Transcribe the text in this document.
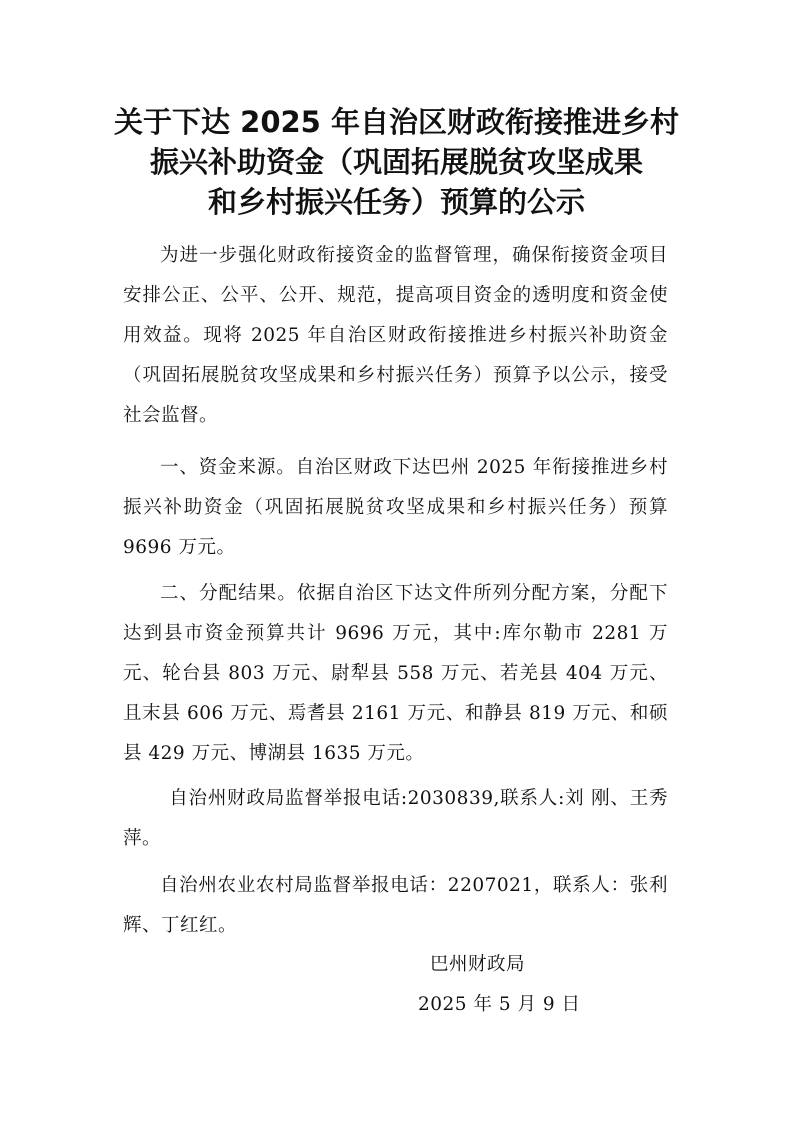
关于下达 2025 年自治区财政衔接推进乡村
振兴补助资金（巩固拓展脱贫攻坚成果
和乡村振兴任务）预算的公示

为进一步强化财政衔接资金的监督管理，确保衔接资金项目安排公正、公平、公开、规范，提高项目资金的透明度和资金使用效益。现将 2025 年自治区财政衔接推进乡村振兴补助资金（巩固拓展脱贫攻坚成果和乡村振兴任务）预算予以公示，接受社会监督。

一、资金来源。自治区财政下达巴州 2025 年衔接推进乡村振兴补助资金（巩固拓展脱贫攻坚成果和乡村振兴任务）预算 9696 万元。

二、分配结果。依据自治区下达文件所列分配方案，分配下达到县市资金预算共计 9696 万元，其中:库尔勒市 2281 万元、轮台县 803 万元、尉犁县 558 万元、若羌县 404 万元、且末县 606 万元、焉耆县 2161 万元、和静县 819 万元、和硕县 429 万元、博湖县 1635 万元。

自治州财政局监督举报电话:2030839,联系人:刘 刚、王秀萍。

自治州农业农村局监督举报电话：2207021，联系人：张利辉、丁红红。

巴州财政局
2025 年 5 月 9 日
